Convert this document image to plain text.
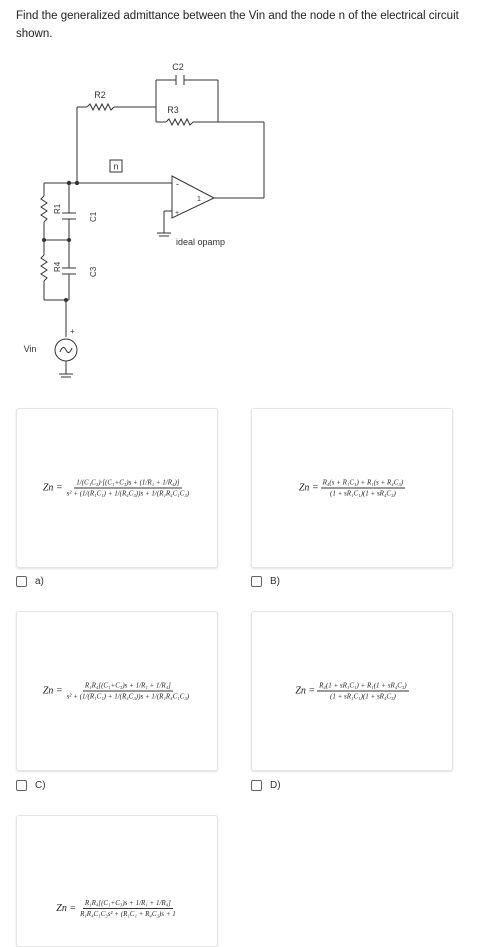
Find the generalized admittance between the Vin and the node n of the electrical circuit shown.
n
C2
R2
R3
ideal opamp
Vin
+
-
+
1
R1
R4
C1
C3
$Zn = \frac{\text{1/(C₁C₃)·[(C₁+C₃)s + (1/R₁ + 1/R₄)]}}{\text{s² + (1/(R₁C₁) + 1/(R₄C₃))s + 1/(R₁R₄C₁C₃)}}$
a)
$Zn = \frac{\text{R₄(s + R₁C₁) + R₁(s + R₄C₃)}}{\text{(1 + sR₁C₁)(1 + sR₄C₃)}}$
B)
$Zn = \frac{\text{R₁R₄[(C₁+C₃)s + 1/R₁ + 1/R₄]}}{\text{s² + (1/(R₁C₁) + 1/(R₄C₃))s + 1/(R₁R₄C₁C₃)}}$
C)
$Zn = \frac{\text{R₄(1 + sR₁C₁) + R₁(1 + sR₄C₃)}}{\text{(1 + sR₁C₁)(1 + sR₄C₃)}}$
D)
$Zn = \frac{\text{R₁R₄[(C₁+C₃)s + 1/R₁ + 1/R₄]}}{\text{R₁R₄C₁C₃s² + (R₁C₁ + R₄C₃)s + 1}}$
